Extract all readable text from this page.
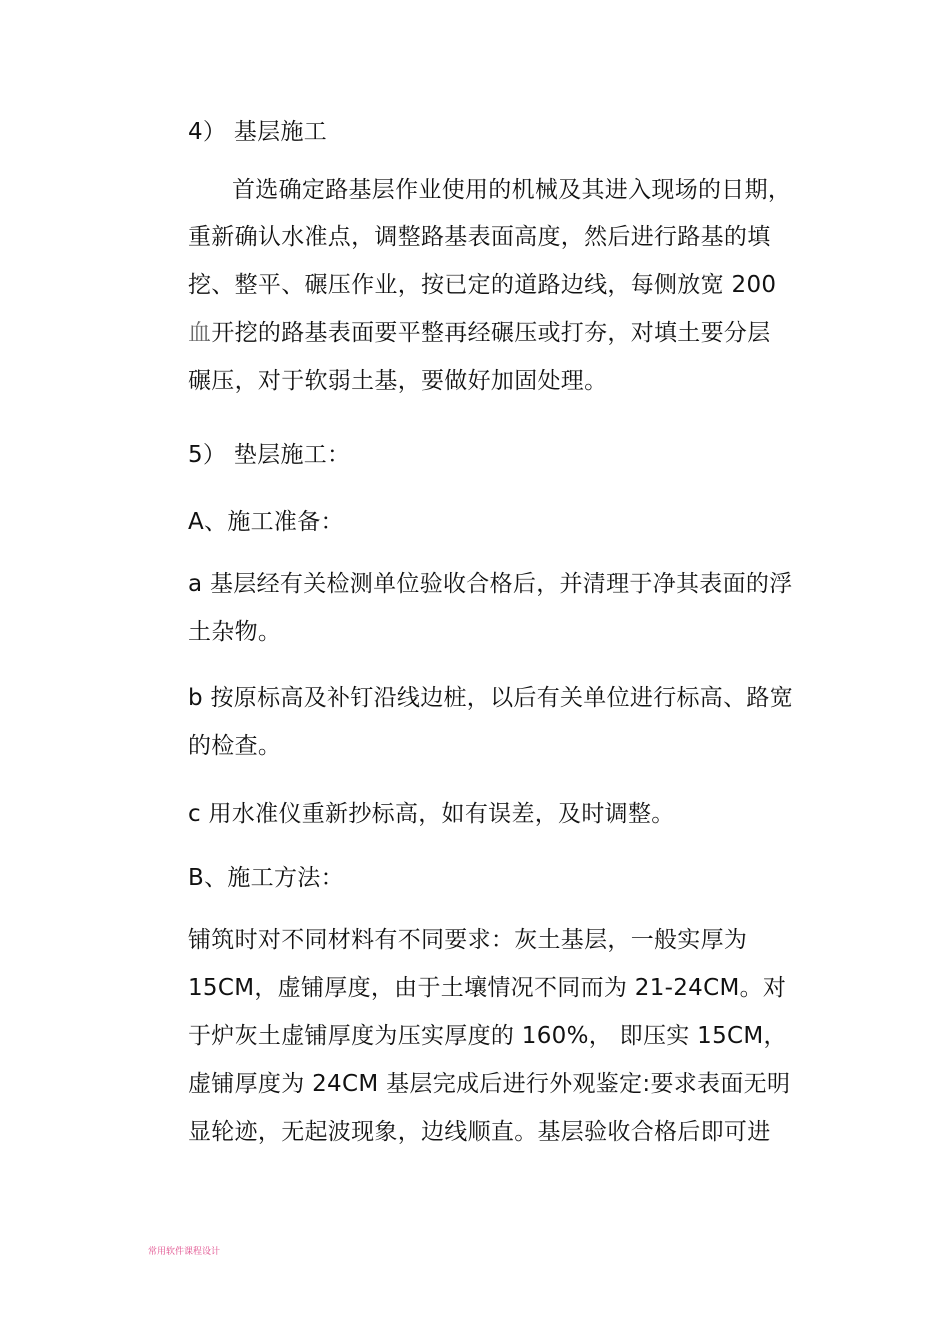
4） 基层施工
首选确定路基层作业使用的机械及其进入现场的日期，
重新确认水准点，调整路基表面高度，然后进行路基的填
挖、整平、碾压作业，按已定的道路边线，每侧放宽 200
血开挖的路基表面要平整再经碾压或打夯，对填土要分层
碾压，对于软弱土基，要做好加固处理。
5） 垫层施工：
A、施工准备：
a 基层经有关检测单位验收合格后，并清理于净其表面的浮
土杂物。
b 按原标高及补钉沿线边桩，以后有关单位进行标高、路宽
的检查。
c 用水准仪重新抄标高，如有误差，及时调整。
B、施工方法：
铺筑时对不同材料有不同要求：灰土基层，一般实厚为
15CM，虚铺厚度，由于土壤情况不同而为 21-24CM。对
于炉灰土虚铺厚度为压实厚度的 160%， 即压实 15CM，
虚铺厚度为 24CM 基层完成后进行外观鉴定:要求表面无明
显轮迹，无起波现象，边线顺直。基层验收合格后即可进
常用软件课程设计
